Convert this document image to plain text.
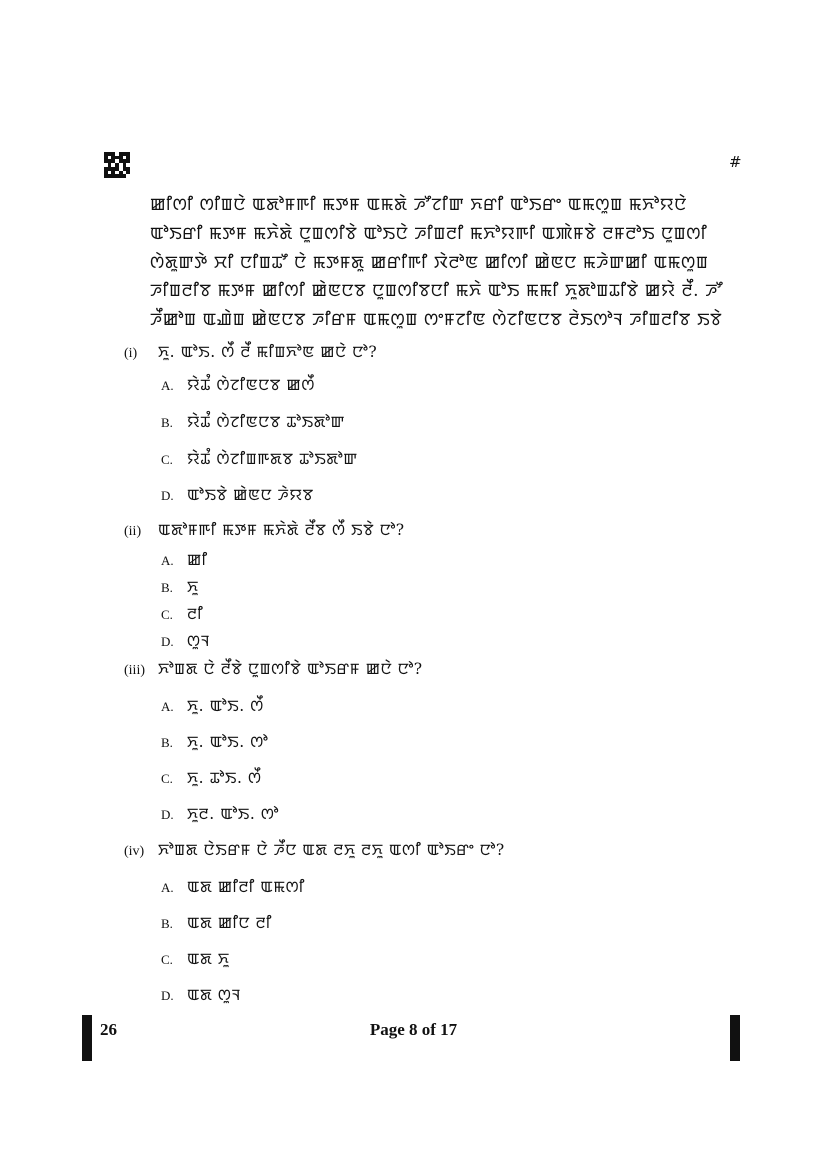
#
ꯀꯤꯁꯤ ꯁꯤꯡꯅꯥ ꯑꯗꯣꯝꯒꯤ ꯃꯇꯝ ꯑꯃꯗꯥ ꯍꯧꯖꯤꯛ ꯈꯔꯤ ꯑꯣꯏꯔꯦ ꯑꯃꯁꯨꯡ ꯃꯈꯣꯌꯅꯥ
ꯑꯣꯏꯔꯤ ꯃꯇꯝ ꯃꯈꯥꯗꯥ ꯅꯨꯡꯁꯤꯕꯥ ꯑꯣꯏꯅꯥ ꯍꯤꯡꯂꯤ ꯃꯈꯣꯌꯒꯤ ꯑꯄꯥꯝꯕꯥ ꯂꯝꯂꯣꯏ ꯅꯨꯡꯁꯤ
ꯁꯥꯗꯨꯛꯇꯥ ꯆꯤ ꯅꯤꯡꯊꯧ ꯅꯥ ꯃꯇꯝꯗꯨ ꯀꯔꯤꯒꯤ ꯋꯥꯂꯣꯟ ꯀꯤꯁꯤ ꯀꯥꯟꯅ ꯃꯍꯥꯛꯀꯤ ꯑꯃꯁꯨꯡ
ꯍꯤꯡꯂꯤꯕ ꯃꯇꯝ ꯀꯤꯁꯤ ꯀꯥꯟꯅꯕ ꯅꯨꯡꯁꯤꯕꯅꯤ ꯃꯈꯥ ꯑꯣꯏ ꯃꯃꯤ ꯈꯨꯗꯣꯡꯊꯤꯕꯥ ꯀꯌꯥ ꯂꯩ. ꯍꯧ
ꯍꯩꯀꯣꯡ ꯑꯉꯥꯡ ꯀꯥꯟꯅꯕ ꯍꯤꯔꯝ ꯑꯃꯁꯨꯡ ꯁꯦꯝꯖꯤꯟ ꯁꯥꯖꯤꯟꯅꯕ ꯂꯥꯏꯁꯣꯜ ꯍꯤꯡꯂꯤꯕ ꯏꯕꯥ
(i) ꯈꯨ. ꯑꯣꯏ. ꯁꯩ ꯂꯩ ꯃꯤꯡꯈꯣꯟ ꯀꯅꯥ ꯅꯣ?
A. ꯌꯥꯊꯪ ꯁꯥꯖꯤꯟꯅꯕ ꯀꯁꯩ
B. ꯌꯥꯊꯪ ꯁꯥꯖꯤꯟꯅꯕ ꯊꯣꯏꯗꯣꯛ
C. ꯌꯥꯊꯪ ꯁꯥꯖꯤꯡꯒꯗꯕ ꯊꯣꯏꯗꯣꯛ
D. ꯑꯣꯏꯕꯥ ꯀꯥꯟꯅ ꯍꯥꯌꯕ
(ii) ꯑꯗꯣꯝꯒꯤ ꯃꯇꯝ ꯃꯈꯥꯗꯥ ꯂꯩꯕ ꯁꯩ ꯏꯕꯥ ꯅꯣ?
A. ꯀꯤ
B. ꯈꯨ
C. ꯂꯤ
D. ꯁꯨꯜ
(iii) ꯈꯣꯡꯗ ꯅꯥ ꯂꯩꯕꯥ ꯅꯨꯡꯁꯤꯕꯥ ꯑꯣꯏꯔꯝ ꯀꯅꯥ ꯅꯣ?
A. ꯈꯨ. ꯑꯣꯏ. ꯁꯩ
B. ꯈꯨ. ꯑꯣꯏ. ꯁꯣ
C. ꯈꯨ. ꯊꯣꯏ. ꯁꯩ
D. ꯈꯨꯂ. ꯑꯣꯏ. ꯁꯣ
(iv) ꯈꯣꯡꯗ ꯅꯥꯏꯔꯝ ꯅꯥ ꯍꯩꯅ ꯑꯗ ꯂꯈꯨ ꯂꯈꯨ ꯑꯁꯤ ꯑꯣꯏꯔꯦ ꯅꯣ?
A. ꯑꯗ ꯀꯤꯂꯤ ꯑꯃꯁꯤ
B. ꯑꯗ ꯀꯤꯅ ꯂꯤ
C. ꯑꯗ ꯈꯨ
D. ꯑꯗ ꯁꯨꯜ
26	Page 8 of 17
